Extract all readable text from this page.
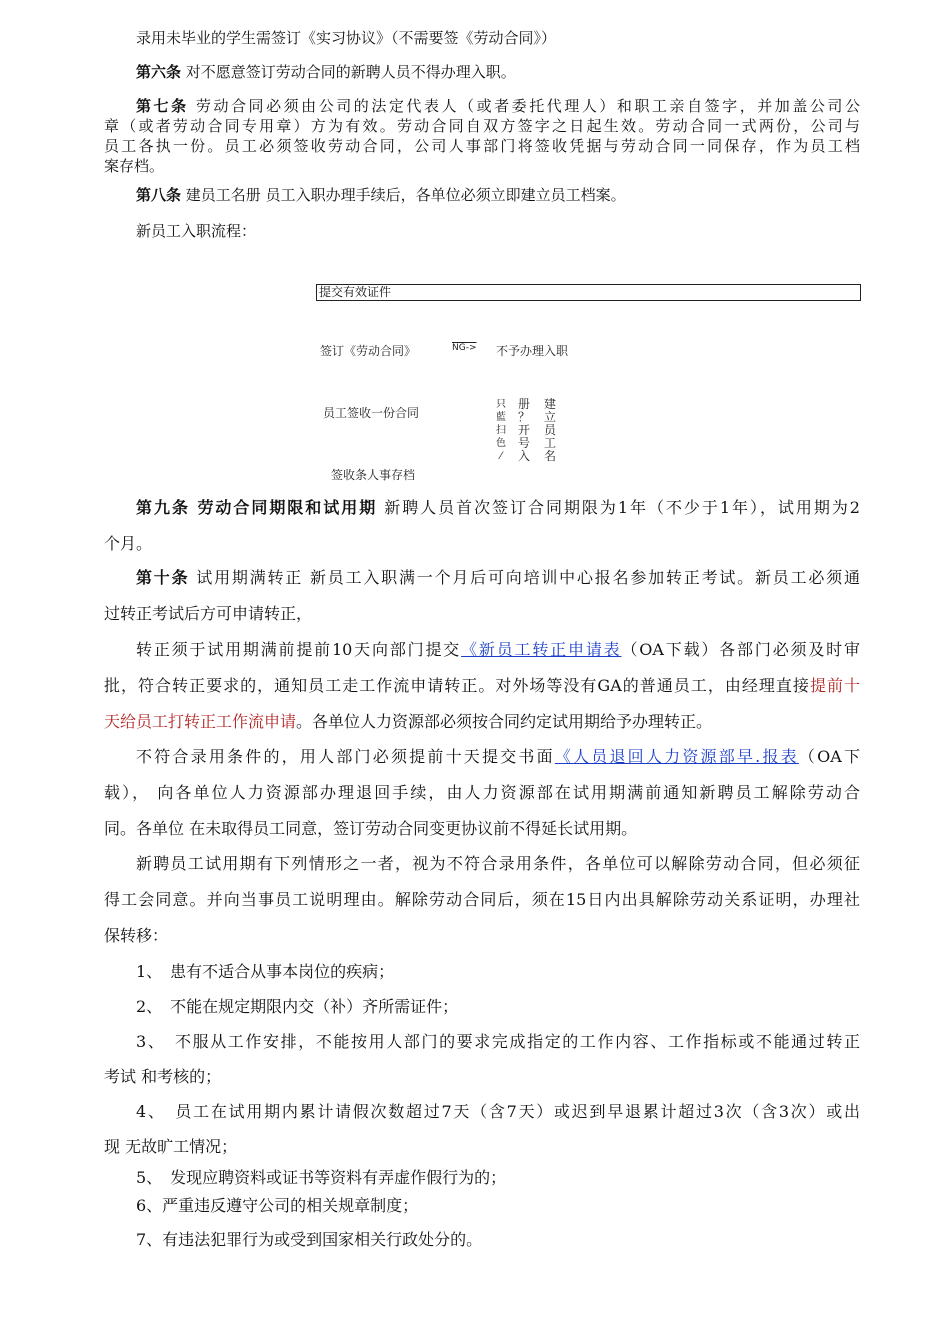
录用未毕业的学生需签订《实习协议》（不需要签《劳动合同》）
第六条 对不愿意签订劳动合同的新聘人员不得办理入职。
第七条 劳动合同必须由公司的法定代表人（或者委托代理人）和职工亲自签字，并加盖公司公
章（或者劳动合同专用章）方为有效。劳动合同自双方签字之日起生效。劳动合同一式两份，公司与
员工各执一份。员工必须签收劳动合同，公司人事部门将签收凭据与劳动合同一同保存，作为员工档
案存档。
第八条 建员工名册 员工入职办理手续后，各单位必须立即建立员工档案。
新员工入职流程：
提交有效证件
签订《劳动合同》	NG-> 不予办理入职
员工签收一份合同
签收条人事存档
只
藍
扫
色
⁄
册
？
开
号
入
建
立
员
工
名
第九条 劳动合同期限和试用期 新聘人员首次签订合同期限为1年（不少于1年），试用期为2
个月。
第十条 试用期满转正 新员工入职满一个月后可向培训中心报名参加转正考试。新员工必须通
过转正考试后方可申请转正，
转正须于试用期满前提前10天向部门提交《新员工转正申请表（OA下载）各部门必须及时审
批，符合转正要求的，通知员工走工作流申请转正。对外场等没有GA的普通员工，由经理直接提前十
天给员工打转正工作流申请。各单位人力资源部必须按合同约定试用期给予办理转正。
不符合录用条件的，用人部门必须提前十天提交书面《人员退回人力资源部早.报表（OA下
载）， 向各单位人力资源部办理退回手续，由人力资源部在试用期满前通知新聘员工解除劳动合
同。各单位 在未取得员工同意，签订劳动合同变更协议前不得延长试用期。
新聘员工试用期有下列情形之一者，视为不符合录用条件，各单位可以解除劳动合同，但必须征
得工会同意。并向当事员工说明理由。解除劳动合同后，须在15日内出具解除劳动关系证明，办理社
保转移：
1、　患有不适合从事本岗位的疾病；
2、　不能在规定期限内交（补）齐所需证件；
3、　不服从工作安排，不能按用人部门的要求完成指定的工作内容、工作指标或不能通过转正
考试 和考核的；
4、　员工在试用期内累计请假次数超过7天（含7天）或迟到早退累计超过3次（含3次）或出
现 无故旷工情况；
5、　发现应聘资料或证书等资料有弄虚作假行为的；
6、严重违反遵守公司的相关规章制度；
7、有违法犯罪行为或受到国家相关行政处分的。
